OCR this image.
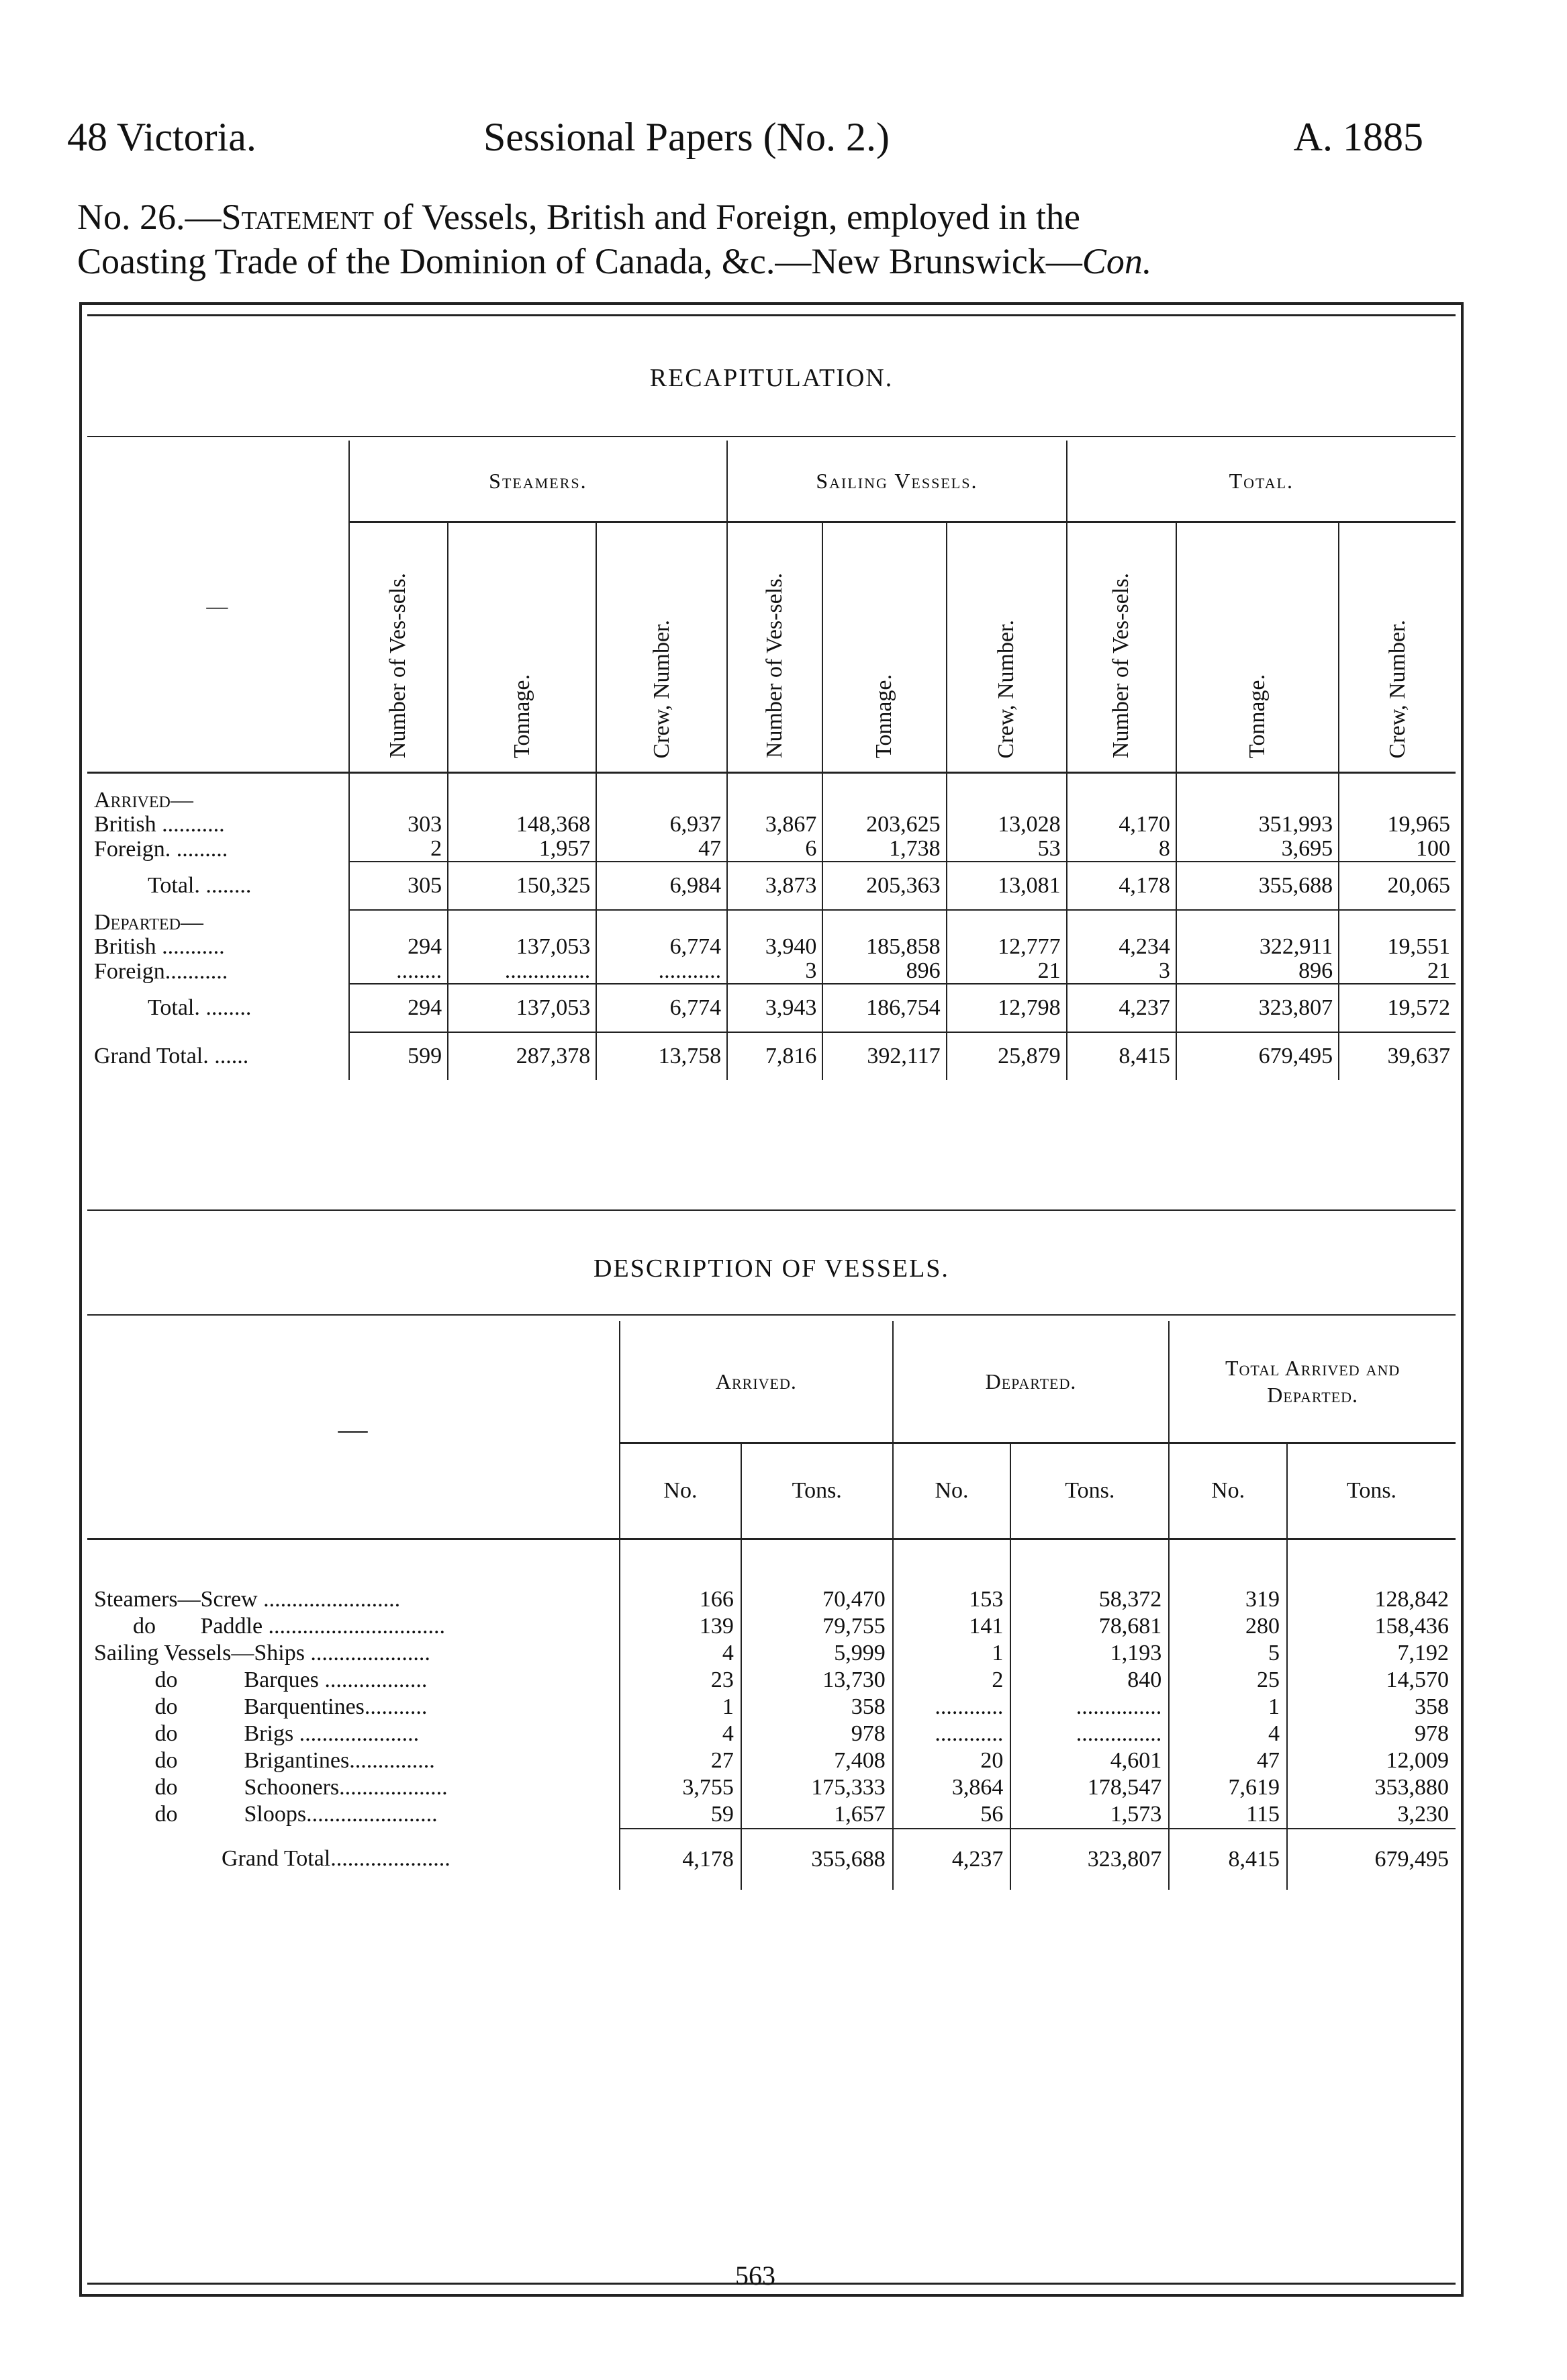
48 Victoria.	Sessional Papers (No. 2.)	A. 1885
No. 26.—Statement of Vessels, British and Foreign, employed in the
Coasting Trade of the Dominion of Canada, &c.—New Brunswick—Con.
RECAPITULATION.
—	Steamers.			Sailing Vessels.			Total.		

	Number of Ves-sels.	Tonnage.	Crew, Number.	Number of Ves-sels.	Tonnage.	Crew, Number.	Number of Ves-sels.	Tonnage.	Crew, Number.

Arrived—									
British ...........	303	148,368	6,937	3,867	203,625	13,028	4,170	351,993	19,965
Foreign. .........	2	1,957	47	6	1,738	53	8	3,695	100
Total. ........	305	150,325	6,984	3,873	205,363	13,081	4,178	355,688	20,065
Departed—									
British ...........	294	137,053	6,774	3,940	185,858	12,777	4,234	322,911	19,551
Foreign...........	........	...............	...........	3	896	21	3	896	21
Total. ........	294	137,053	6,774	3,943	186,754	12,798	4,237	323,807	19,572
Grand Total. ......	599	287,378	13,758	7,816	392,117	25,879	8,415	679,495	39,637
DESCRIPTION OF VESSELS.
—	Arrived.		Departed.		Total Arrived and Departed.	
	No.	Tons.	No.	Tons.	No.	Tons.

Steamers—Screw ........................	166	70,470	153	58,372	319	128,842
do Paddle ...............................	139	79,755	141	78,681	280	158,436
Sailing Vessels—Ships .....................	4	5,999	1	1,193	5	7,192
do Barques ..................	23	13,730	2	840	25	14,570
do Barquentines...........	1	358	............	...............	1	358
do Brigs .....................	4	978	............	...............	4	978
do Brigantines...............	27	7,408	20	4,601	47	12,009
do Schooners...................	3,755	175,333	3,864	178,547	7,619	353,880
do Sloops.......................	59	1,657	56	1,573	115	3,230
Grand Total.....................	4,178	355,688	4,237	323,807	8,415	679,495
563
